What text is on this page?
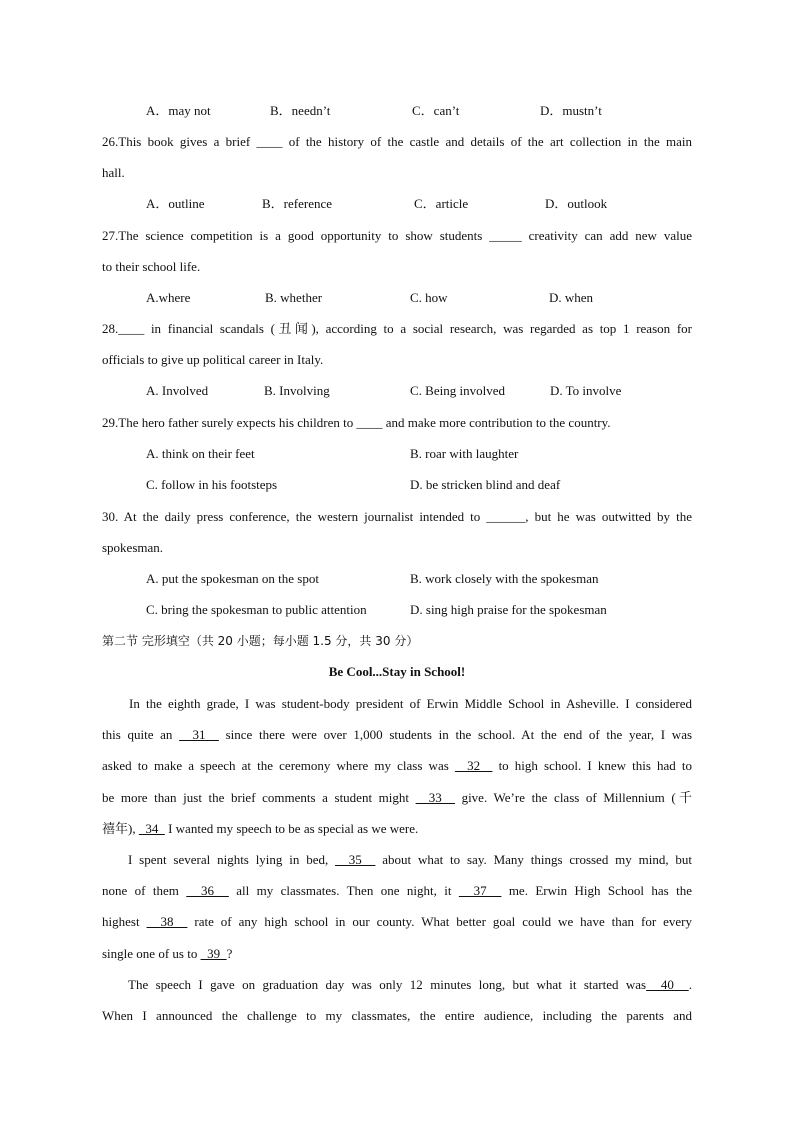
A．may not	B．needn’t	C．can’t	D．mustn’t
26.This book gives a brief ____ of the history of the castle and details of the art collection in the main
hall.
A．outline	B．reference	C．article	D．outlook
27.The science competition is a good opportunity to show students _____ creativity can add new value
to their school life.
A.where	B. whether	C. how	D. when
28.____ in financial scandals (丑闻), according to a social research, was regarded as top 1 reason for
officials to give up political career in Italy.
A. Involved	B. Involving	C. Being involved	D. To involve
29.The hero father surely expects his children to ____ and make more contribution to the country.
A. think on their feet	B. roar with laughter
C. follow in his footsteps	D. be stricken blind and deaf
30. At the daily press conference, the western journalist intended to ______, but he was outwitted by the
spokesman.
A. put the spokesman on the spot	B. work closely with the spokesman
C. bring the spokesman to public attention	D. sing high praise for the spokesman
第二节 完形填空（共 20 小题；每小题 1.5 分，共 30 分）
Be Cool...Stay in School!
In the eighth grade, I was student-body president of Erwin Middle School in Asheville. I considered
this quite an   31   since there were over 1,000 students in the school. At the end of the year, I was
asked to make a speech at the ceremony where my class was   32   to high school. I knew this had to
be more than just the brief comments a student might   33   give. We’re the class of Millennium (千
禧年),   34   I wanted my speech to be as special as we were.
I spent several nights lying in bed,   35   about what to say. Many things crossed my mind, but
none of them   36   all my classmates. Then one night, it   37   me. Erwin High School has the
highest   38   rate of any high school in our county. What better goal could we have than for every
single one of us to   39  ?
The speech I gave on graduation day was only 12 minutes long, but what it started was  40  .
When I announced the challenge to my classmates, the entire audience, including the parents and
